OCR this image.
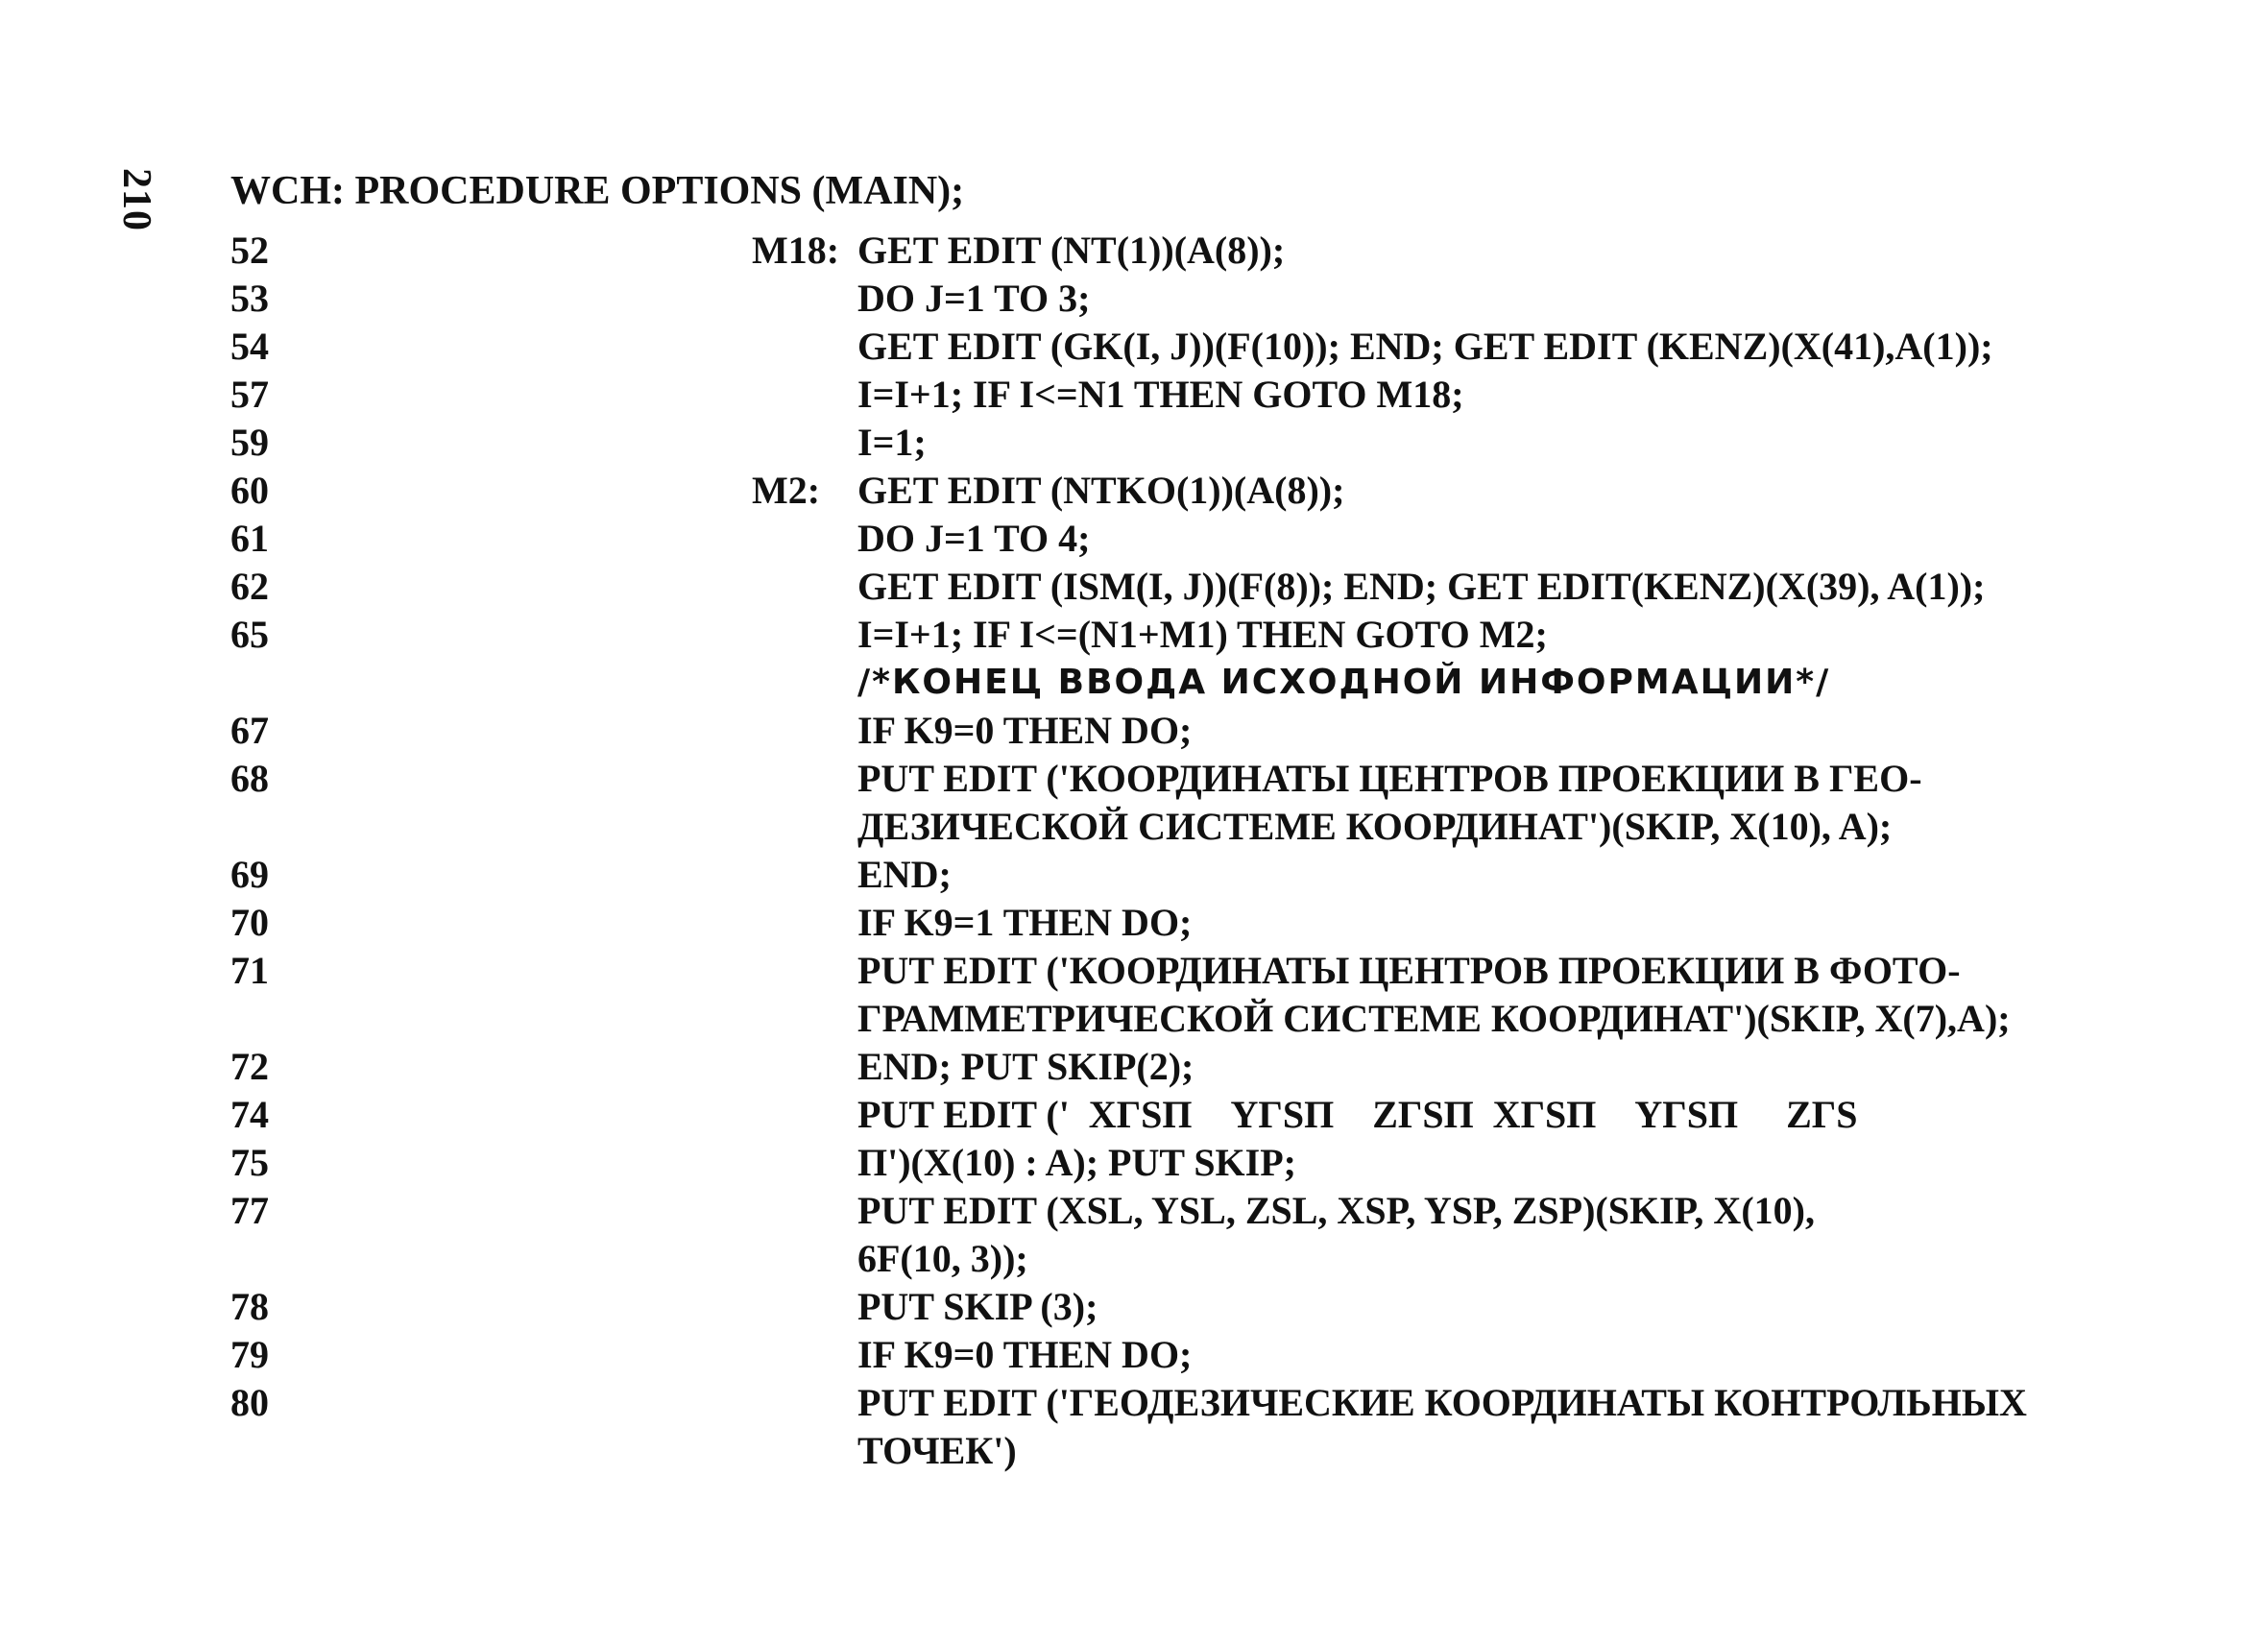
210 WCH: PROCEDURE OPTIONS (MAIN);
52	M18: GET EDIT (NT(1))(A(8));
53	DO J=1 TO 3;
54	GET EDIT (GK(I, J))(F(10)); END; GET EDIT (KENZ)(X(41),A(1));
57	I=I+1; IF I<=N1 THEN GOTO M18;
59	I=1;
60	M2: GET EDIT (NTKO(1))(A(8));
61	DO J=1 TO 4;
62	GET EDIT (ISM(I, J))(F(8)); END; GET EDIT(KENZ)(X(39), A(1));
65	I=I+1; IF I<=(N1+M1) THEN GOTO M2;
/*КОНЕЦ ВВОДА ИСХОДНОЙ ИНФОРМАЦИИ*/
67	IF K9=0 THEN DO;
68	PUT EDIT ('КООРДИНАТЫ ЦЕНТРОВ ПРОЕКЦИИ В ГЕО-
ДЕЗИЧЕСКОЙ СИСТЕМЕ КООРДИНАТ')(SKIP, X(10), A);
69	END;
70	IF K9=1 THEN DO;
71	PUT EDIT ('КООРДИНАТЫ ЦЕНТРОВ ПРОЕКЦИИ В ФОТО-
ГРАММЕТРИЧЕСКОЙ СИСТЕМЕ КООРДИНАТ')(SKIP, X(7),A);
72	END; PUT SKIP(2);
74	PUT EDIT ('  XГSП    YГSП    ZГSП  XГSП    YГSП     ZГS
75	П')(X(10) : A); PUT SKIP;
77	PUT EDIT (XSL, YSL, ZSL, XSP, YSP, ZSP)(SKIP, X(10),
6F(10, 3));
78	PUT SKIP (3);
79	IF K9=0 THEN DO;
80	PUT EDIT ('ГЕОДЕЗИЧЕСКИЕ КООРДИНАТЫ КОНТРОЛЬНЫХ
ТОЧЕК')
